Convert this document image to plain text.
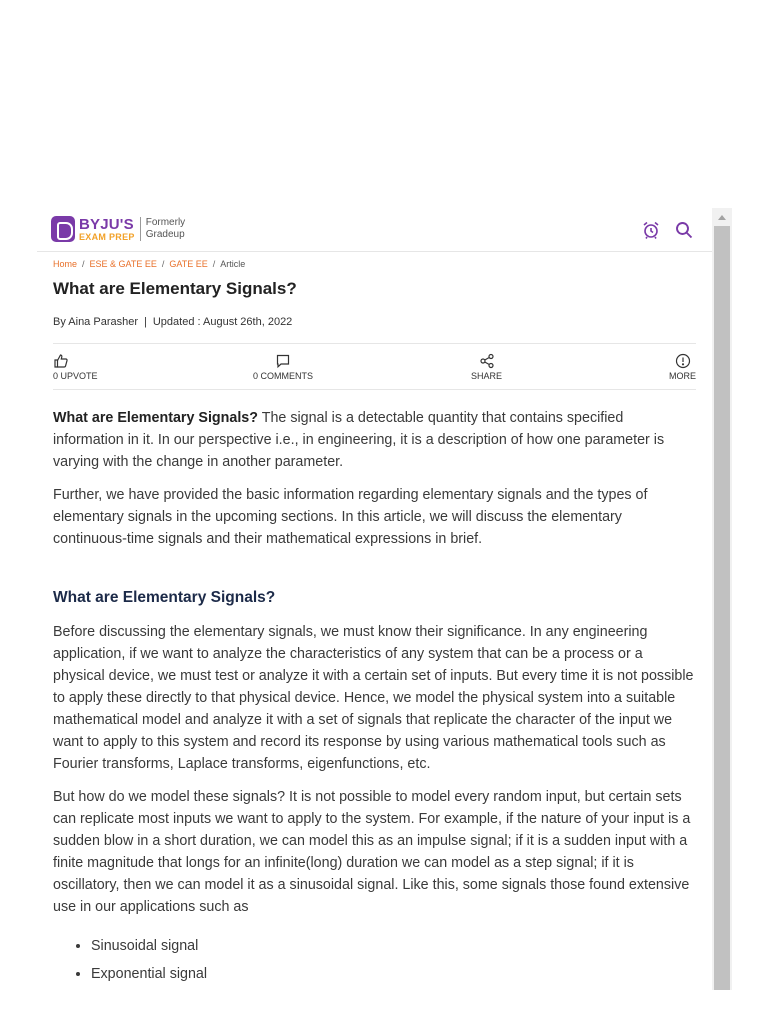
BYJU'S
EXAM PREP
Formerly
Gradeup
Home / ESE & GATE EE / GATE EE / Article
What are Elementary Signals?
By Aina Parasher | Updated : August 26th, 2022
0 UPVOTE	0 COMMENTS	SHARE	MORE

What are Elementary Signals? The signal is a detectable quantity that contains specified information in it. In our perspective i.e., in engineering, it is a description of how one parameter is varying with the change in another parameter.

Further, we have provided the basic information regarding elementary signals and the types of elementary signals in the upcoming sections. In this article, we will discuss the elementary continuous-time signals and their mathematical expressions in brief.

What are Elementary Signals?

Before discussing the elementary signals, we must know their significance. In any engineering application, if we want to analyze the characteristics of any system that can be a process or a physical device, we must test or analyze it with a certain set of inputs. But every time it is not possible to apply these directly to that physical device. Hence, we model the physical system into a suitable mathematical model and analyze it with a set of signals that replicate the character of the input we want to apply to this system and record its response by using various mathematical tools such as Fourier transforms, Laplace transforms, eigenfunctions, etc.

But how do we model these signals? It is not possible to model every random input, but certain sets can replicate most inputs we want to apply to the system. For example, if the nature of your input is a sudden blow in a short duration, we can model this as an impulse signal; if it is a sudden input with a finite magnitude that longs for an infinite(long) duration we can model as a step signal; if it is oscillatory, then we can model it as a sinusoidal signal. Like this, some signals those found extensive use in our applications such as

• Sinusoidal signal
• Exponential signal
